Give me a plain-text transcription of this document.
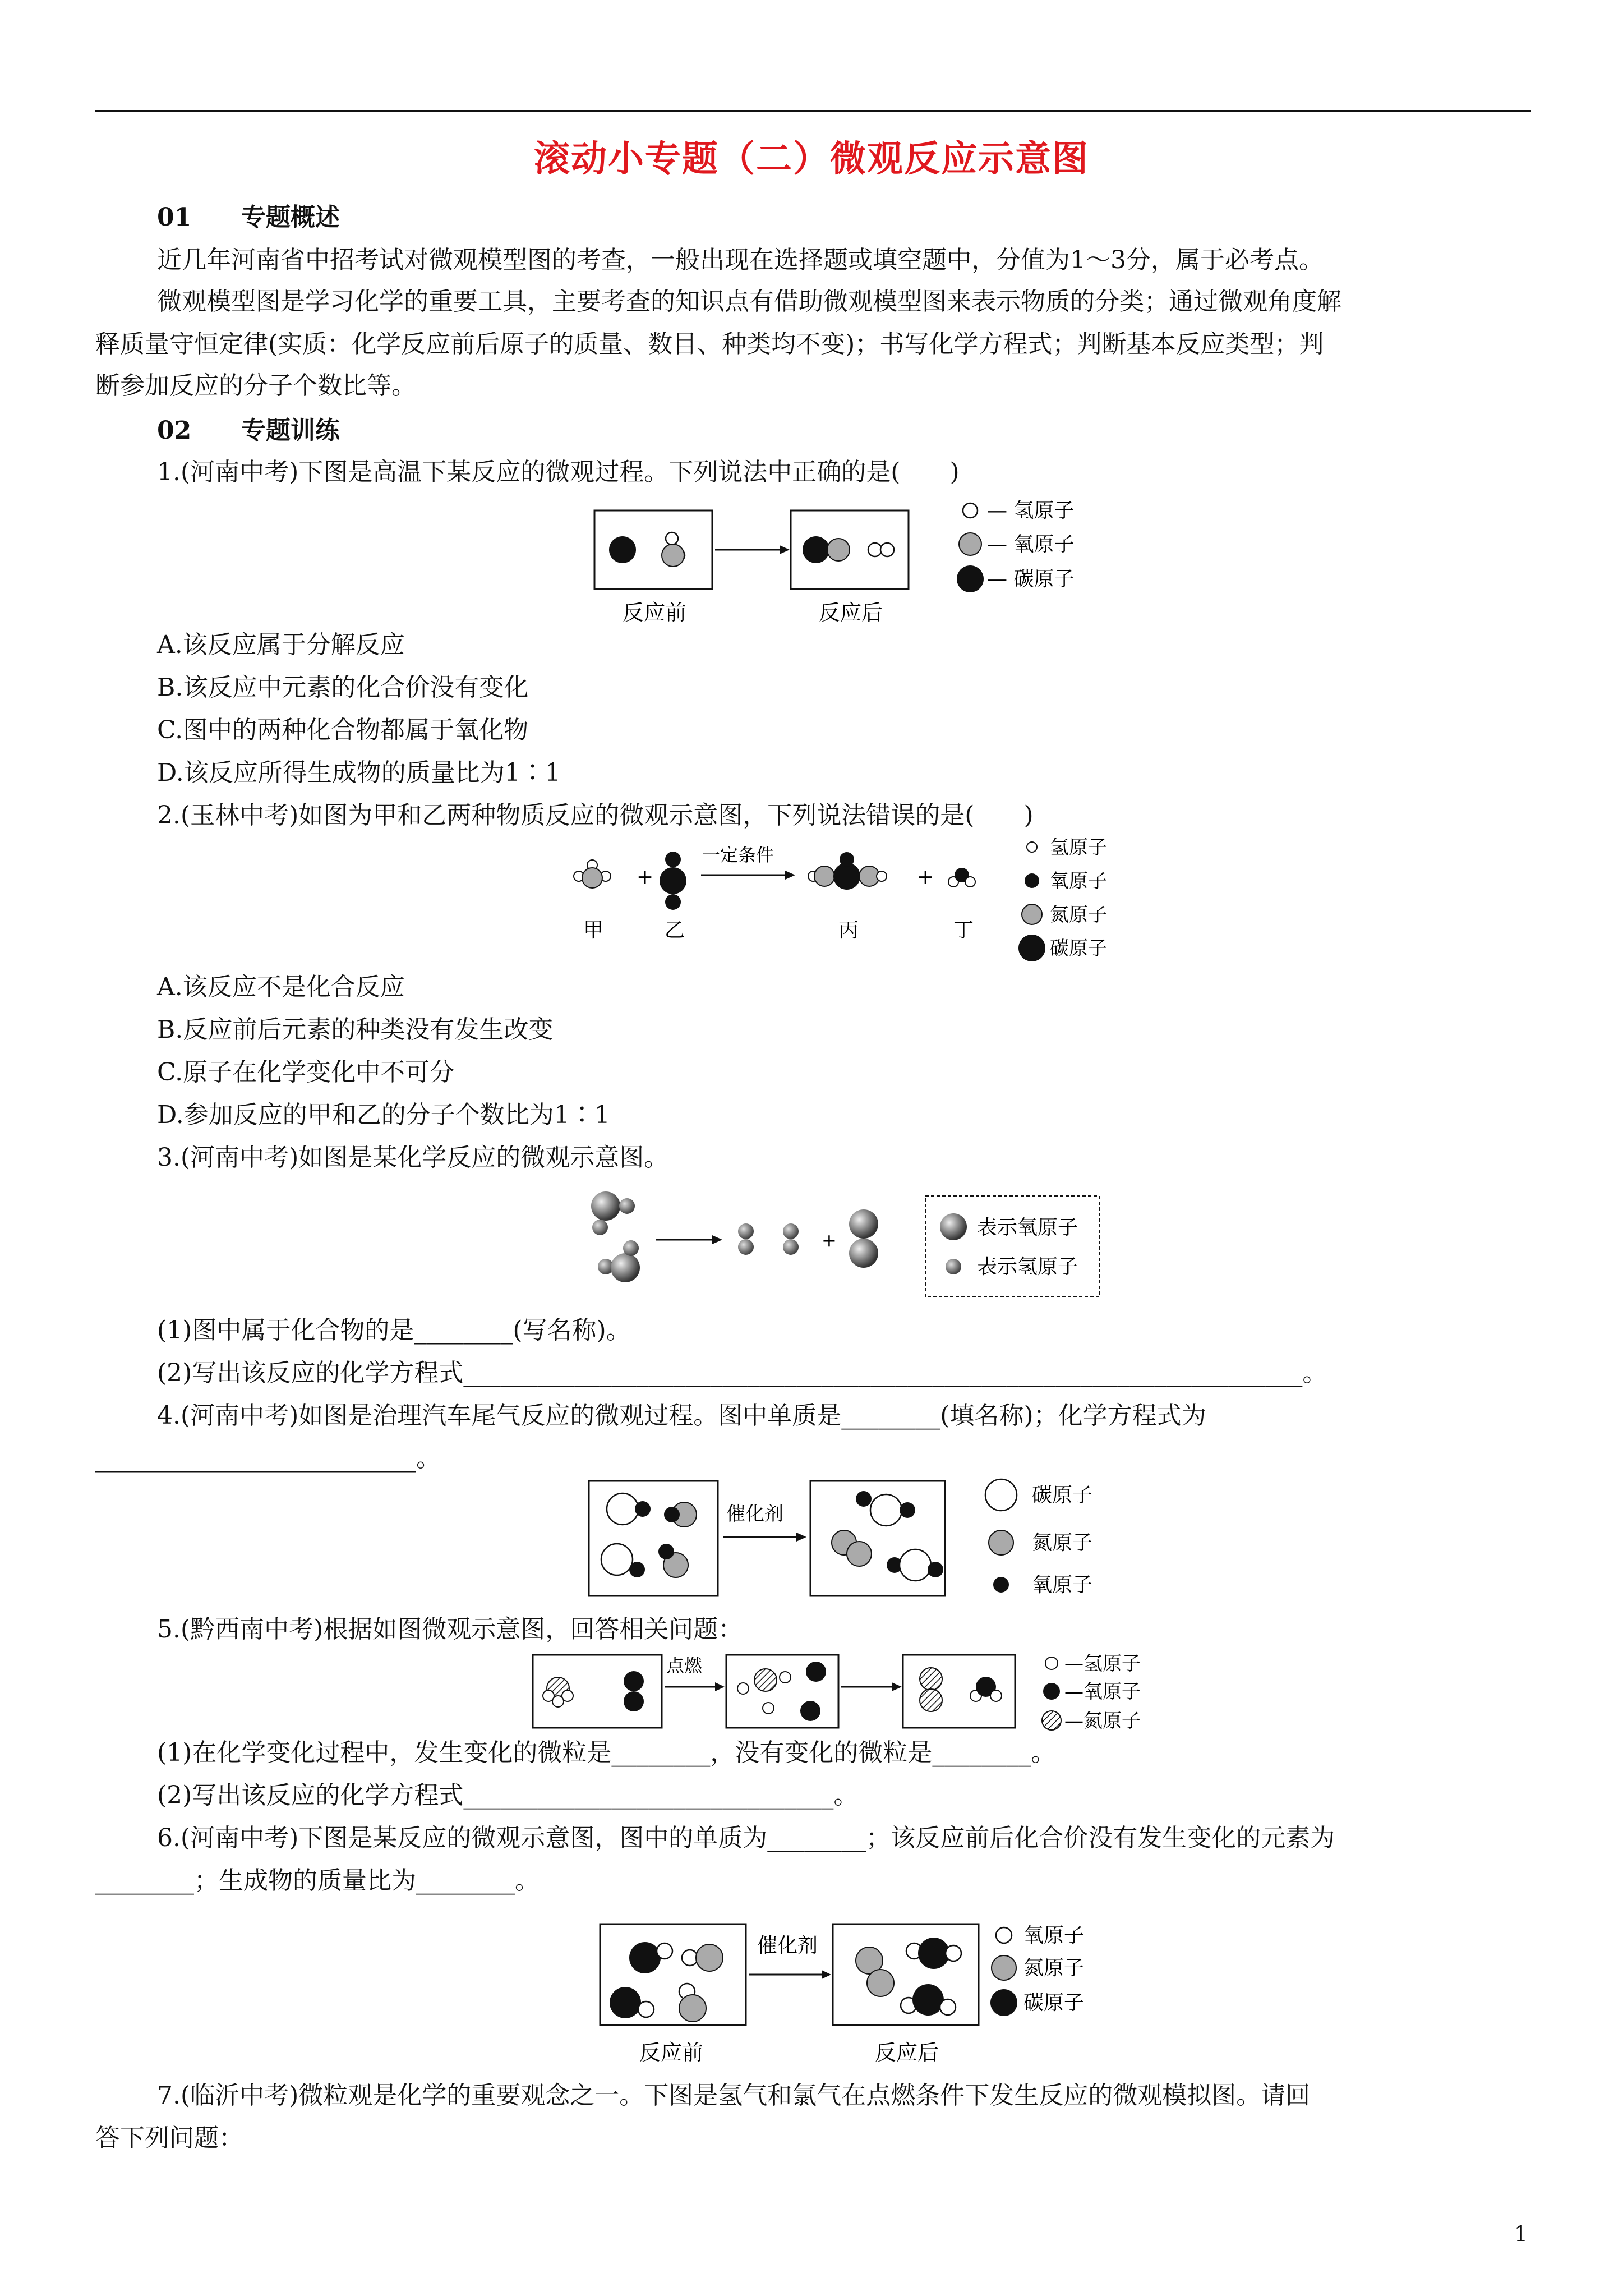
滚动小专题（二）微观反应示意图
01 专题概述
近几年河南省中招考试对微观模型图的考查，一般出现在选择题或填空题中，分值为1～3分，属于必考点。
微观模型图是学习化学的重要工具，主要考查的知识点有借助微观模型图来表示物质的分类；通过微观角度解
释质量守恒定律(实质：化学反应前后原子的质量、数目、种类均不变)；书写化学方程式；判断基本反应类型；判
断参加反应的分子个数比等。
02 专题训练
1.(河南中考)下图是高温下某反应的微观过程。下列说法中正确的是(　　)
反应前	反应后
— 氢原子
— 氧原子
— 碳原子
A.该反应属于分解反应
B.该反应中元素的化合价没有变化
C.图中的两种化合物都属于氧化物
D.该反应所得生成物的质量比为1∶1
2.(玉林中考)如图为甲和乙两种物质反应的微观示意图，下列说法错误的是(　　)
+
一定条件
+
甲	乙	丙	丁
氢原子
氧原子
氮原子
碳原子
A.该反应不是化合反应
B.反应前后元素的种类没有发生改变
C.原子在化学变化中不可分
D.参加反应的甲和乙的分子个数比为1∶1
3.(河南中考)如图是某化学反应的微观示意图。
+
表示氧原子
表示氢原子
(1)图中属于化合物的是________(写名称)。
(2)写出该反应的化学方程式____________________________________________________________________。
4.(河南中考)如图是治理汽车尾气反应的微观过程。图中单质是________(填名称)；化学方程式为
__________________________。
催化剂
碳原子
氮原子
氧原子
5.(黔西南中考)根据如图微观示意图，回答相关问题：
点燃	—氢原子
—氧原子
—氮原子
(1)在化学变化过程中，发生变化的微粒是________，没有变化的微粒是________。
(2)写出该反应的化学方程式______________________________。
6.(河南中考)下图是某反应的微观示意图，图中的单质为________；该反应前后化合价没有发生变化的元素为
________；生成物的质量比为________。
催化剂
反应前	反应后
氧原子
氮原子
碳原子
7.(临沂中考)微粒观是化学的重要观念之一。下图是氢气和氯气在点燃条件下发生反应的微观模拟图。请回
答下列问题：
1
